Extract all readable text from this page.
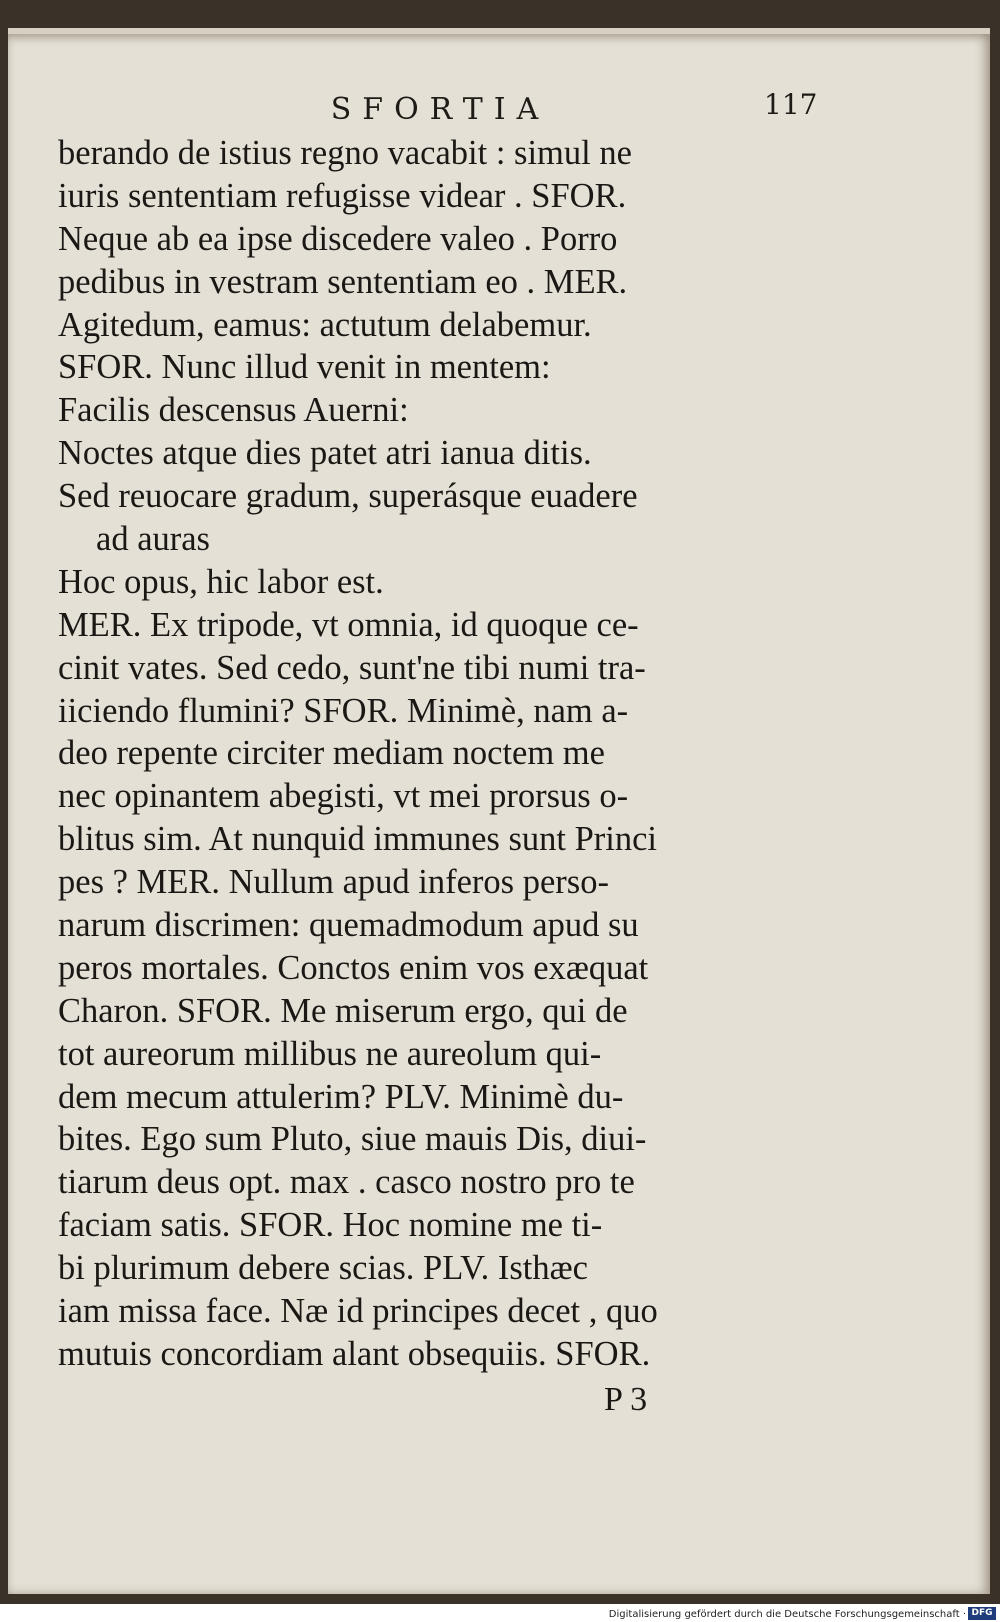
SFORTIA	117
berando de istius regno vacabit : simul ne
iuris sententiam refugisse videar . SFOR.
Neque ab ea ipse discedere valeo . Porro
pedibus in vestram sententiam eo . MER.
Agitedum, eamus: actutum delabemur.
SFOR. Nunc illud venit in mentem:
Facilis descensus Auerni:
Noctes atque dies patet atri ianua ditis.
Sed reuocare gradum, superásque euadere
ad auras
Hoc opus, hic labor est.
MER. Ex tripode, vt omnia, id quoque ce-
cinit vates. Sed cedo, sunt'ne tibi numi tra-
iiciendo flumini? SFOR. Minimè, nam a-
deo repente circiter mediam noctem me
nec opinantem abegisti, vt mei prorsus o-
blitus sim. At nunquid immunes sunt Princi
pes ? MER. Nullum apud inferos perso-
narum discrimen: quemadmodum apud su
peros mortales. Conctos enim vos exæquat
Charon. SFOR. Me miserum ergo, qui de
tot aureorum millibus ne aureolum qui-
dem mecum attulerim? PLV. Minimè du-
bites. Ego sum Pluto, siue mauis Dis, diui-
tiarum deus opt. max . casco nostro pro te
faciam satis. SFOR. Hoc nomine me ti-
bi plurimum debere scias. PLV. Isthæc
iam missa face. Næ id principes decet , quo
mutuis concordiam alant obsequiis. SFOR.
P 3
Digitalisierung gefördert durch die Deutsche Forschungsgemeinschaft · DFG
